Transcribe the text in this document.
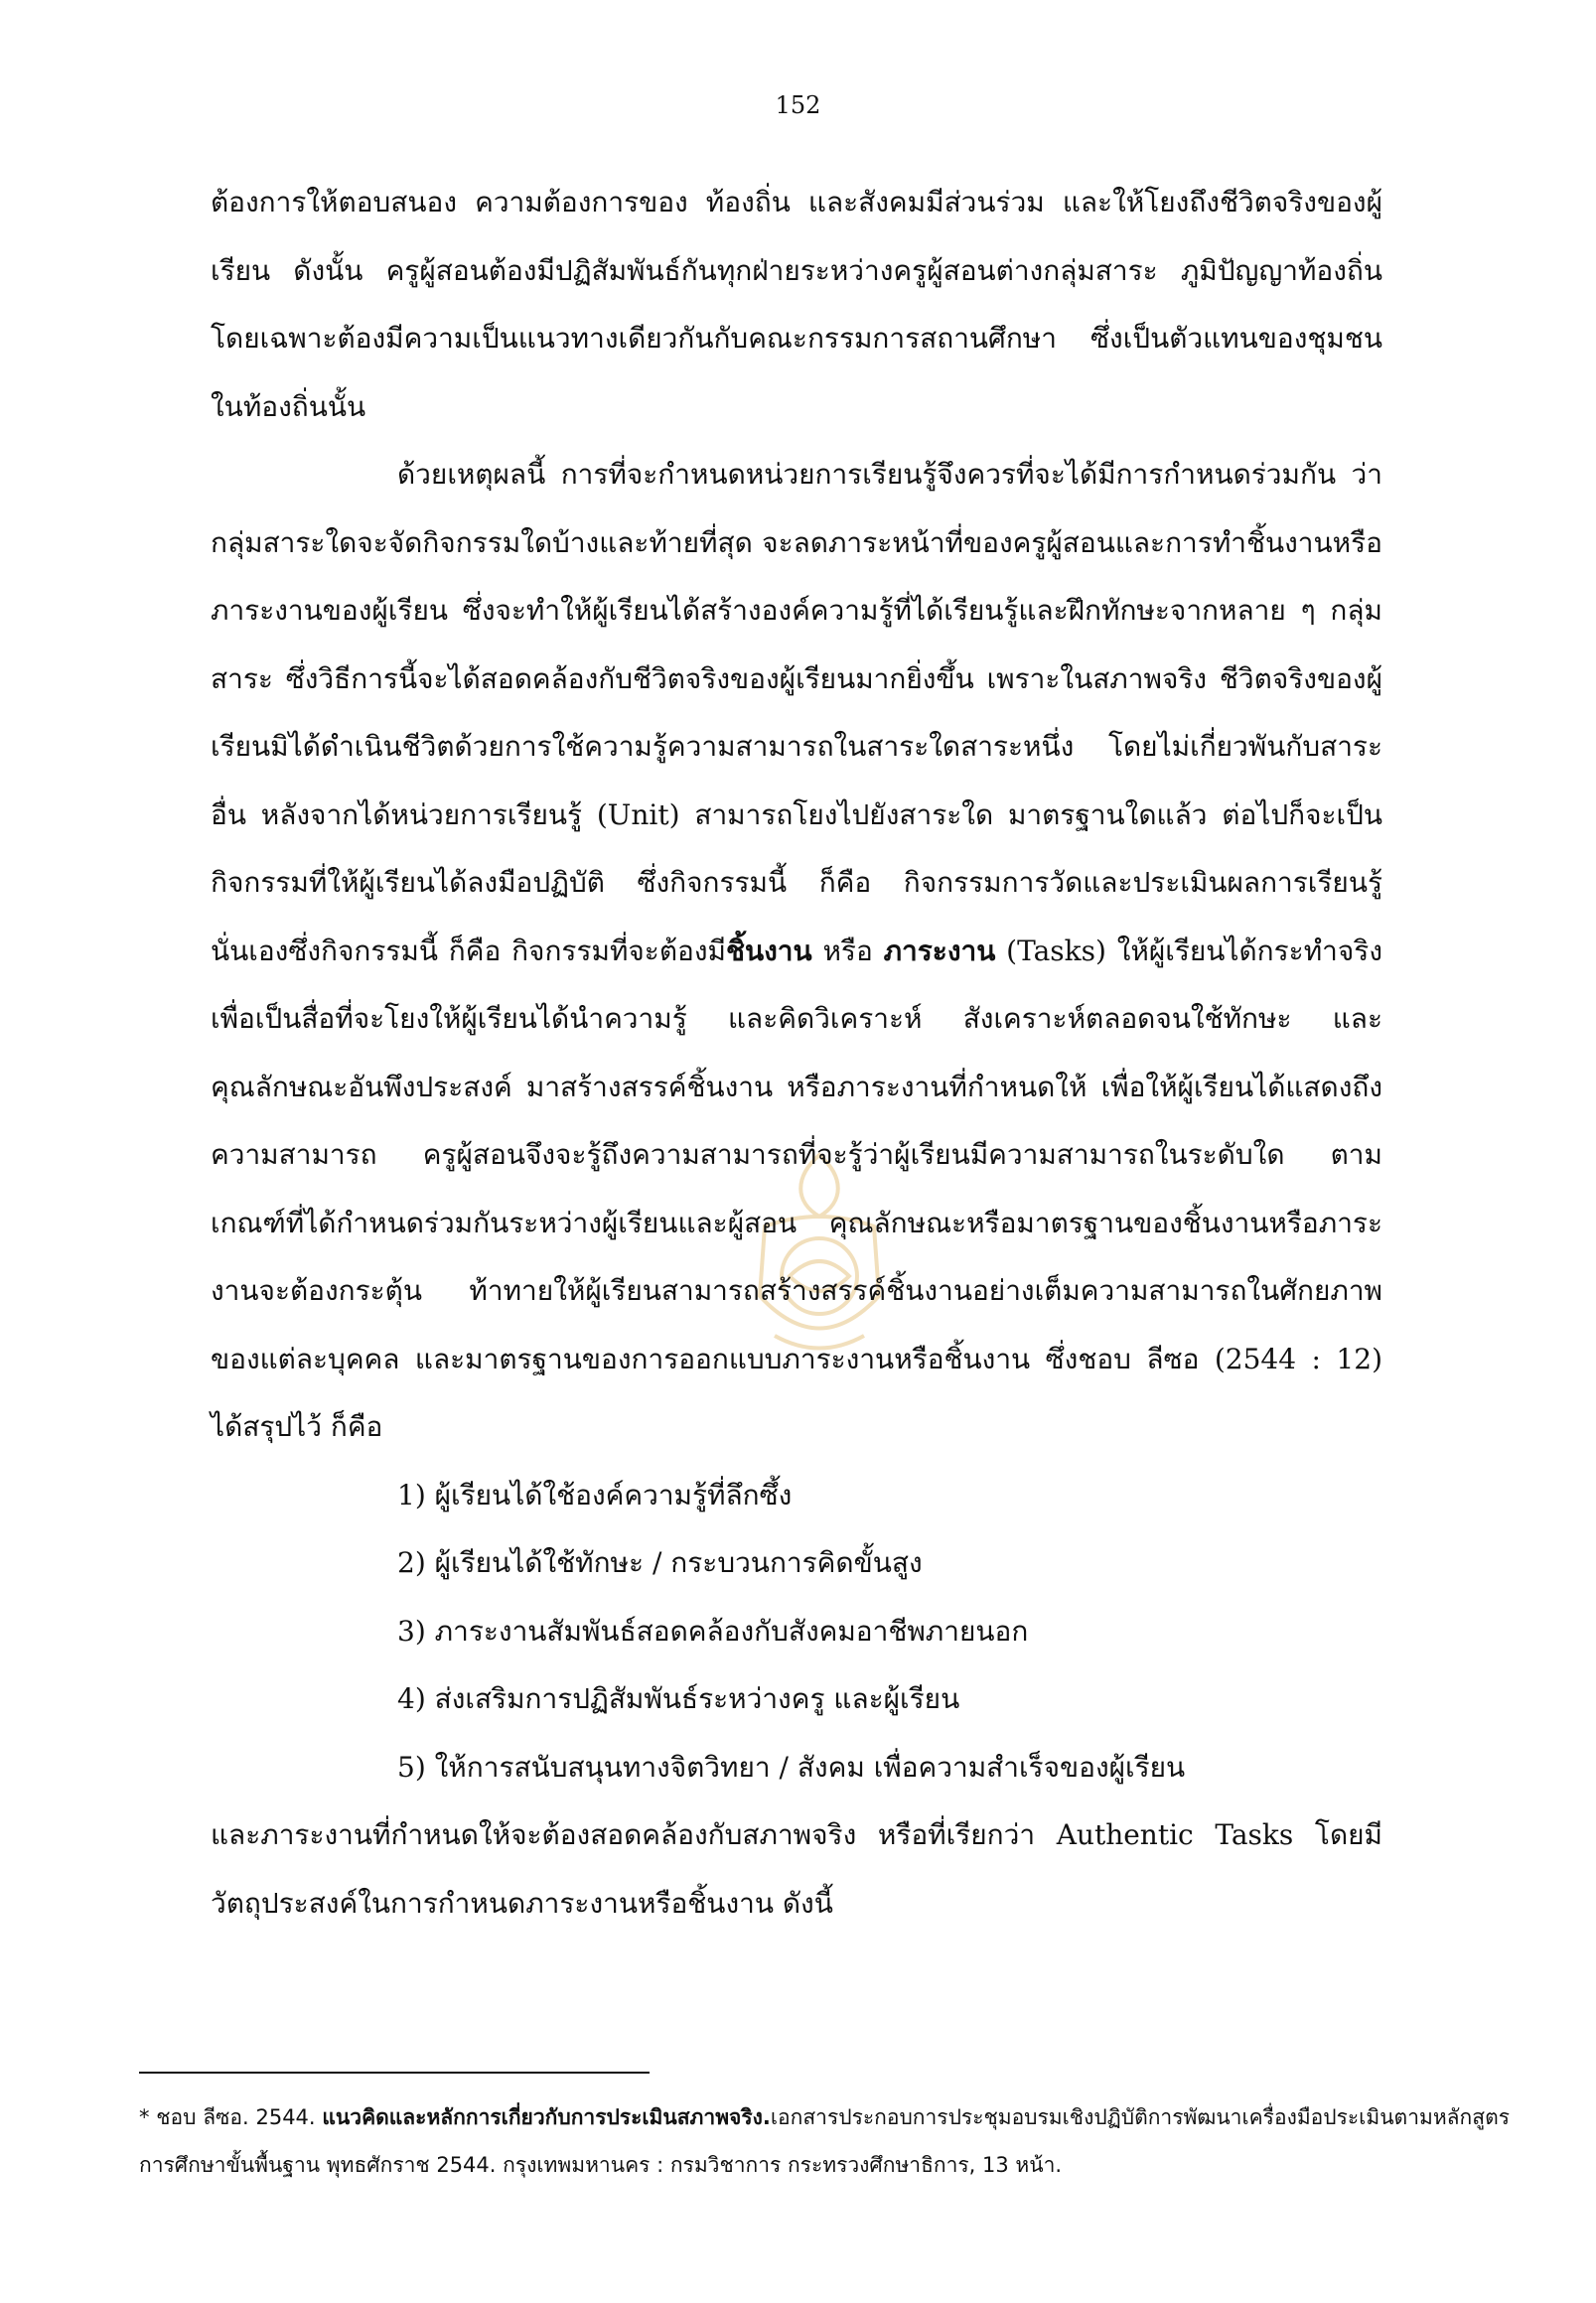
152

ต้องการให้ตอบสนอง ความต้องการของ ท้องถิ่น และสังคมมีส่วนร่วม และให้โยงถึงชีวิตจริงของผู้เรียน ดังนั้น ครูผู้สอนต้องมีปฏิสัมพันธ์กันทุกฝ่ายระหว่างครูผู้สอนต่างกลุ่มสาระ ภูมิปัญญาท้องถิ่น โดยเฉพาะต้องมีความเป็นแนวทางเดียวกันกับคณะกรรมการสถานศึกษา ซึ่งเป็นตัวแทนของชุมชนในท้องถิ่นนั้น

ด้วยเหตุผลนี้ การที่จะกำหนดหน่วยการเรียนรู้จึงควรที่จะได้มีการกำหนดร่วมกัน ว่ากลุ่มสาระใดจะจัดกิจกรรมใดบ้างและท้ายที่สุด จะลดภาระหน้าที่ของครูผู้สอนและการทำชิ้นงานหรือภาระงานของผู้เรียน ซึ่งจะทำให้ผู้เรียนได้สร้างองค์ความรู้ที่ได้เรียนรู้และฝึกทักษะจากหลาย ๆ กลุ่มสาระ ซึ่งวิธีการนี้จะได้สอดคล้องกับชีวิตจริงของผู้เรียนมากยิ่งขึ้น เพราะในสภาพจริง ชีวิตจริงของผู้เรียนมิได้ดำเนินชีวิตด้วยการใช้ความรู้ความสามารถในสาระใดสาระหนึ่ง โดยไม่เกี่ยวพันกับสาระอื่น หลังจากได้หน่วยการเรียนรู้ (Unit) สามารถโยงไปยังสาระใด มาตรฐานใดแล้ว ต่อไปก็จะเป็นกิจกรรมที่ให้ผู้เรียนได้ลงมือปฏิบัติ ซึ่งกิจกรรมนี้ ก็คือ กิจกรรมการวัดและประเมินผลการเรียนรู้ นั่นเองซึ่งกิจกรรมนี้ ก็คือ กิจกรรมที่จะต้องมีชิ้นงาน หรือ ภาระงาน (Tasks) ให้ผู้เรียนได้กระทำจริง เพื่อเป็นสื่อที่จะโยงให้ผู้เรียนได้นำความรู้ และคิดวิเคราะห์ สังเคราะห์ตลอดจนใช้ทักษะ และคุณลักษณะอันพึงประสงค์ มาสร้างสรรค์ชิ้นงาน หรือภาระงานที่กำหนดให้ เพื่อให้ผู้เรียนได้แสดงถึงความสามารถ ครูผู้สอนจึงจะรู้ถึงความสามารถที่จะรู้ว่าผู้เรียนมีความสามารถในระดับใด ตามเกณฑ์ที่ได้กำหนดร่วมกันระหว่างผู้เรียนและผู้สอน คุณลักษณะหรือมาตรฐานของชิ้นงานหรือภาระงานจะต้องกระตุ้น ท้าทายให้ผู้เรียนสามารถสร้างสรรค์ชิ้นงานอย่างเต็มความสามารถในศักยภาพของแต่ละบุคคล และมาตรฐานของการออกแบบภาระงานหรือชิ้นงาน ซึ่งชอบ ลีซอ (2544 : 12) ได้สรุปไว้ ก็คือ

1) ผู้เรียนได้ใช้องค์ความรู้ที่ลึกซึ้ง
2) ผู้เรียนได้ใช้ทักษะ / กระบวนการคิดขั้นสูง
3) ภาระงานสัมพันธ์สอดคล้องกับสังคมอาชีพภายนอก
4) ส่งเสริมการปฏิสัมพันธ์ระหว่างครู และผู้เรียน
5) ให้การสนับสนุนทางจิตวิทยา / สังคม เพื่อความสำเร็จของผู้เรียน

และภาระงานที่กำหนดให้จะต้องสอดคล้องกับสภาพจริง หรือที่เรียกว่า Authentic Tasks โดยมีวัตถุประสงค์ในการกำหนดภาระงานหรือชิ้นงาน ดังนี้

* ชอบ ลีซอ. 2544. แนวคิดและหลักการเกี่ยวกับการประเมินสภาพจริง.เอกสารประกอบการประชุมอบรมเชิงปฏิบัติการพัฒนาเครื่องมือประเมินตามหลักสูตรการศึกษาขั้นพื้นฐาน พุทธศักราช 2544. กรุงเทพมหานคร : กรมวิชาการ กระทรวงศึกษาธิการ, 13 หน้า.
